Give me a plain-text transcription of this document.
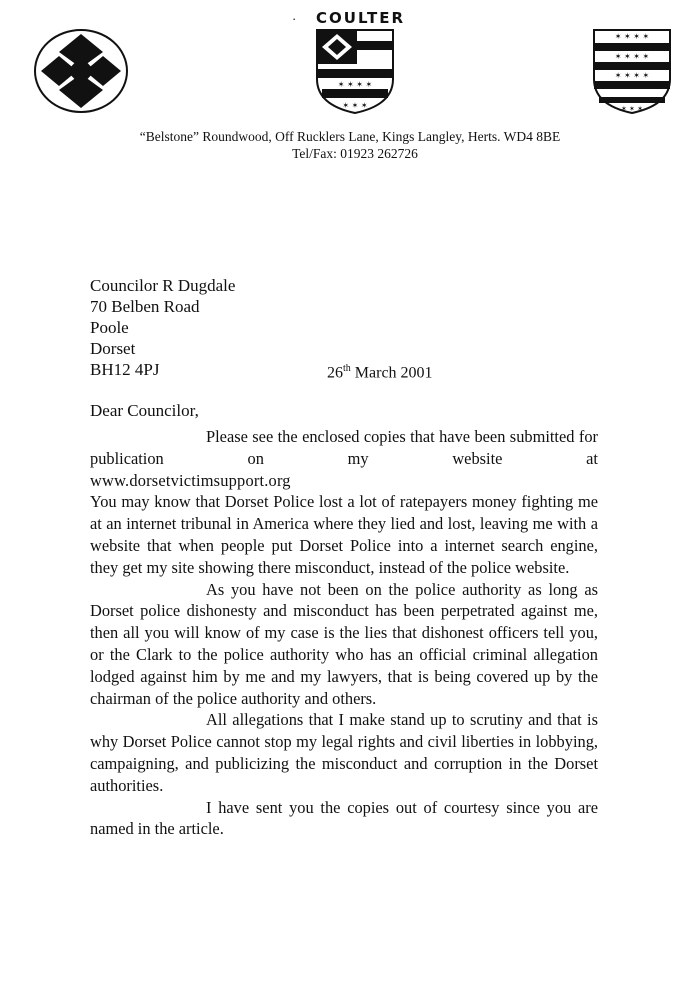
· COULTER
✶ ✶ ✶ ✶
✶ ✶ ✶
✶ ✶ ✶ ✶
✶ ✶ ✶ ✶
✶ ✶ ✶ ✶
✶ ✶ ✶
“Belstone” Roundwood, Off Rucklers Lane, Kings Langley, Herts. WD4 8BE
Tel/Fax: 01923 262726
Councilor R Dugdale
70 Belben Road
Poole
Dorset
BH12 4PJ	26th March 2001
Dear Councilor,

Please see the enclosed copies that have been submitted for publication on my website at

www.dorsetvictimsupport.org

You may know that Dorset Police lost a lot of ratepayers money fighting me at an internet tribunal in America where they lied and lost, leaving me with a website that when people put Dorset Police into a internet search engine, they get my site showing there misconduct, instead of the police website.

As you have not been on the police authority as long as Dorset police dishonesty and misconduct has been perpetrated against me, then all you will know of my case is the lies that dishonest officers tell you, or the Clark to the police authority who has an official criminal allegation lodged against him by me and my lawyers, that is being covered up by the chairman of the police authority and others.

All allegations that I make stand up to scrutiny and that is why Dorset Police cannot stop my legal rights and civil liberties in lobbying, campaigning, and publicizing the misconduct and corruption in the Dorset authorities.

I have sent you the copies out of courtesy since you are named in the article.
